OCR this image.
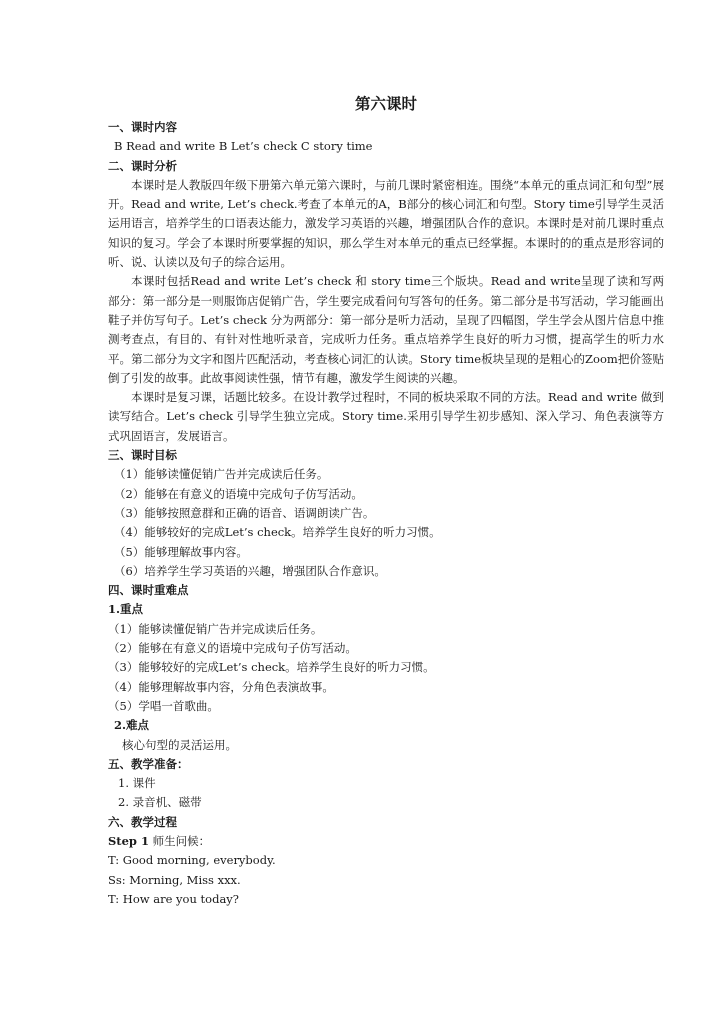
第六课时
一、课时内容
B Read and write B Let’s check C story time
二、课时分析
本课时是人教版四年级下册第六单元第六课时，与前几课时紧密相连。围绕“本单元的重点词汇和句型”展开。Read and write, Let’s check.考查了本单元的A，B部分的核心词汇和句型。Story time引导学生灵活运用语言，培养学生的口语表达能力，激发学习英语的兴趣，增强团队合作的意识。本课时是对前几课时重点知识的复习。学会了本课时所要掌握的知识，那么学生对本单元的重点已经掌握。本课时的的重点是形容词的听、说、认读以及句子的综合运用。
本课时包括Read and write Let’s check 和 story time三个版块。Read and write呈现了读和写两部分：第一部分是一则服饰店促销广告，学生要完成看问句写答句的任务。第二部分是书写活动，学习能画出鞋子并仿写句子。Let’s check 分为两部分：第一部分是听力活动，呈现了四幅图，学生学会从图片信息中推测考查点，有目的、有针对性地听录音，完成听力任务。重点培养学生良好的听力习惯，提高学生的听力水平。第二部分为文字和图片匹配活动，考查核心词汇的认读。Story time板块呈现的是粗心的Zoom把价签贴倒了引发的故事。此故事阅读性强，情节有趣，激发学生阅读的兴趣。
本课时是复习课，话题比较多。在设计教学过程时，不同的板块采取不同的方法。Read and write 做到读写结合。Let’s check 引导学生独立完成。Story time.采用引导学生初步感知、深入学习、角色表演等方式巩固语言，发展语言。
三、课时目标
（1）能够读懂促销广告并完成读后任务。
（2）能够在有意义的语境中完成句子仿写活动。
（3）能够按照意群和正确的语音、语调朗读广告。
（4）能够较好的完成Let’s check。培养学生良好的听力习惯。
（5）能够理解故事内容。
（6）培养学生学习英语的兴趣，增强团队合作意识。
四、课时重难点
1.重点
（1）能够读懂促销广告并完成读后任务。
（2）能够在有意义的语境中完成句子仿写活动。
（3）能够较好的完成Let’s check。培养学生良好的听力习惯。
（4）能够理解故事内容，分角色表演故事。
（5）学唱一首歌曲。
2.难点
核心句型的灵活运用。
五、教学准备：
1. 课件
2. 录音机、磁带
六、教学过程
Step 1 师生问候：
T: Good morning, everybody.
Ss: Morning, Miss xxx.
T: How are you today?
